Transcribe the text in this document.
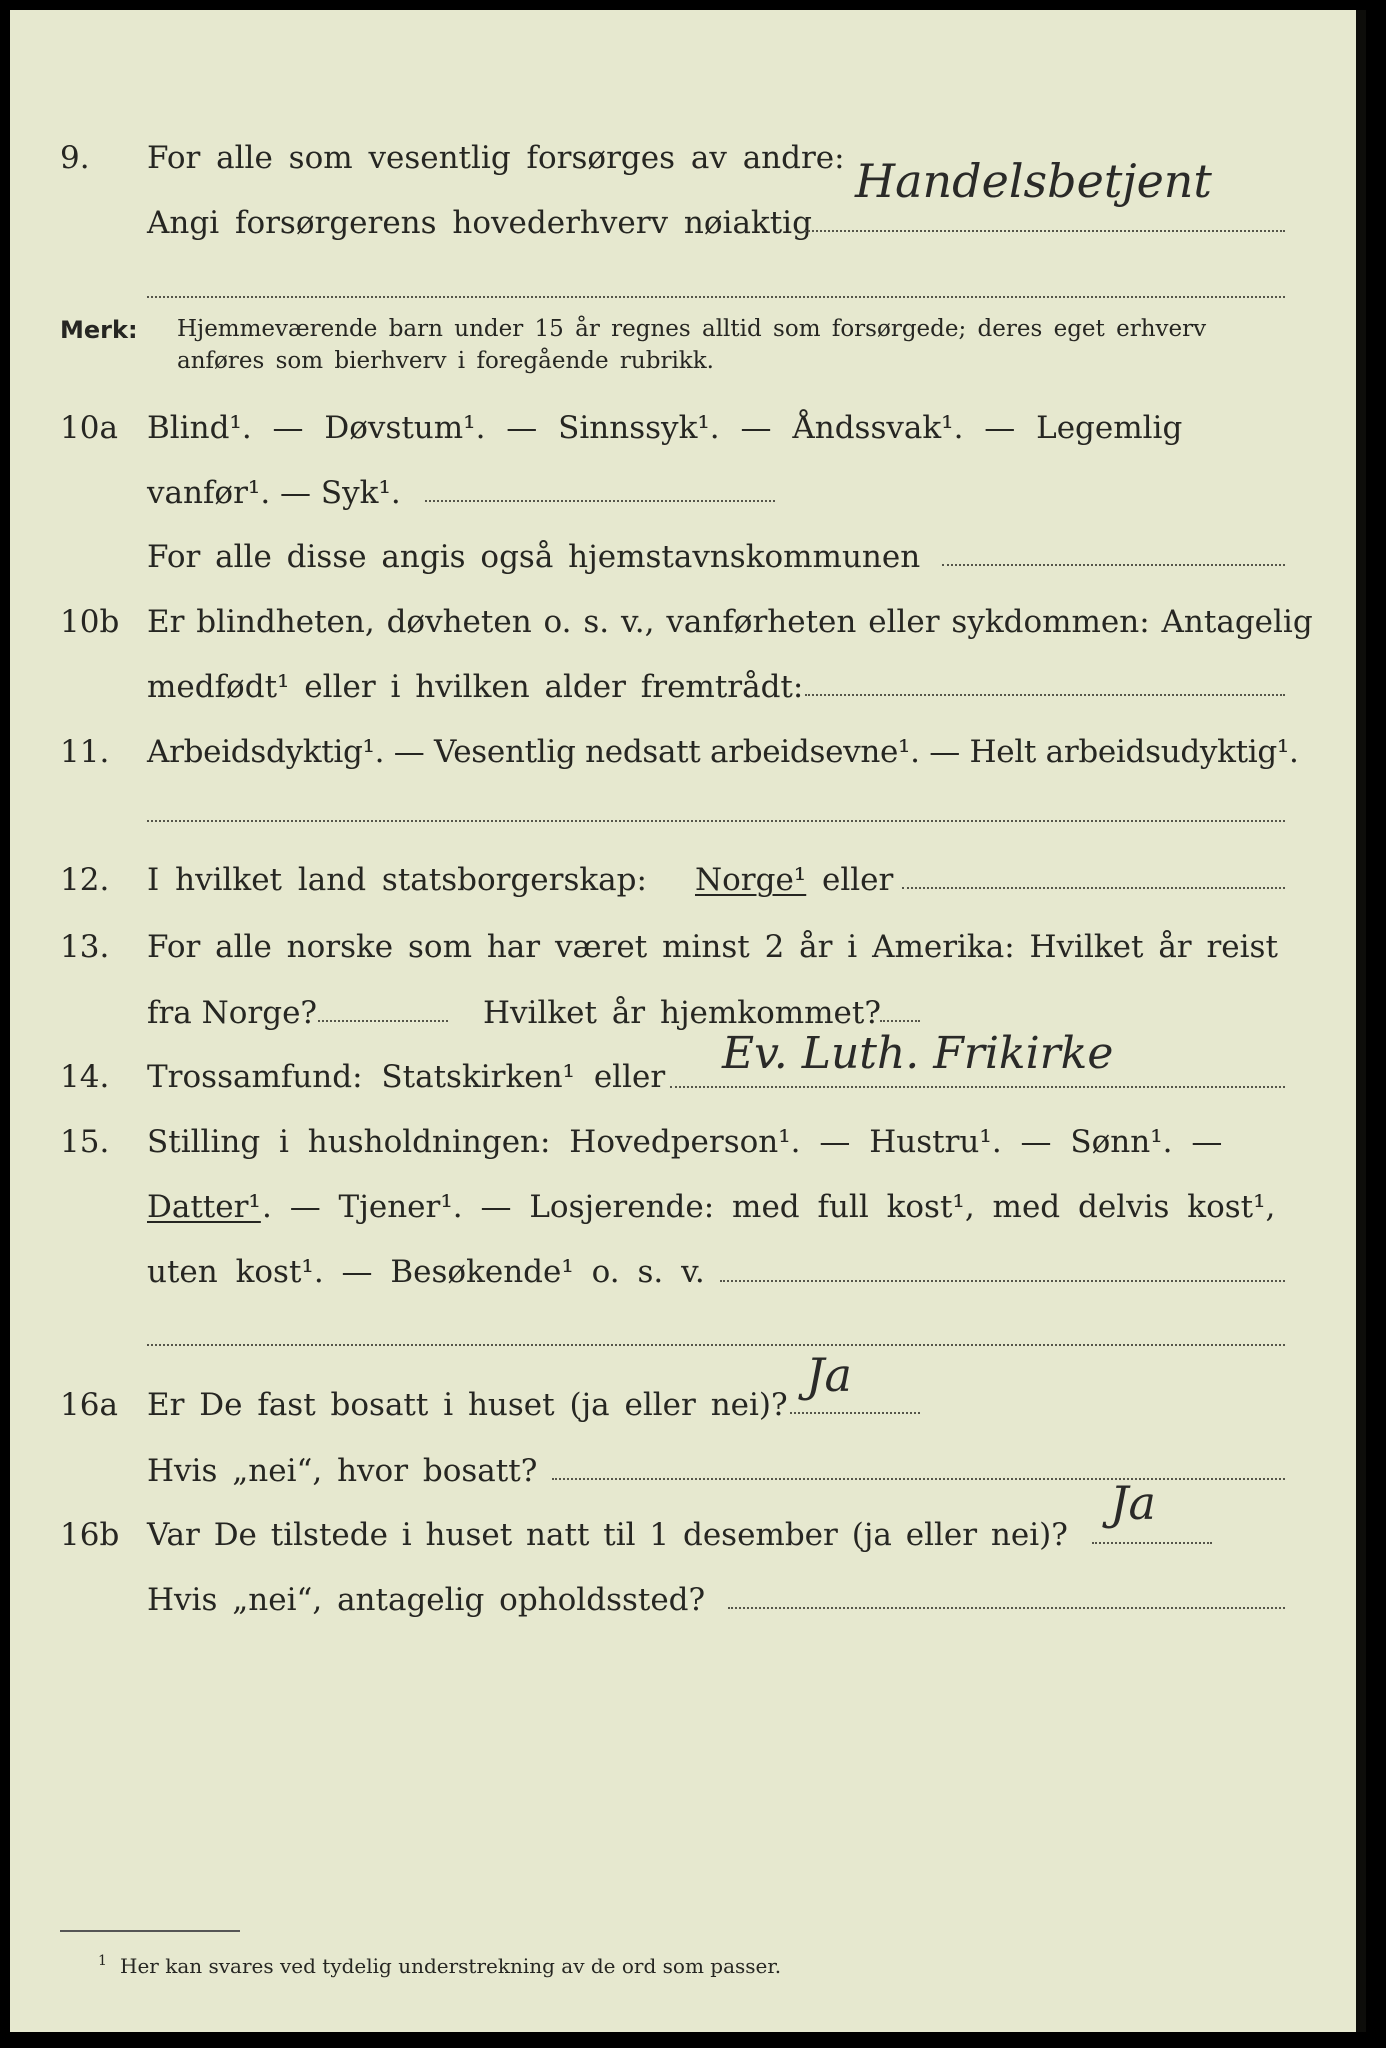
9. For alle som vesentlig forsørges av andre:
Angi forsørgerens hovederhverv nøiaktig
Handelsbetjent
Merk: Hjemmeværende barn under 15 år regnes alltid som forsørgede; deres eget erhverv
anføres som bierhverv i foregående rubrikk.
10a Blind¹. — Døvstum¹. — Sinnssyk¹. — Åndssvak¹. — Legemlig
vanfør¹. — Syk¹.
For alle disse angis også hjemstavnskommunen
10b Er blindheten, døvheten o. s. v., vanførheten eller sykdommen: Antagelig
medfødt¹ eller i hvilken alder fremtrådt:
11. Arbeidsdyktig¹. — Vesentlig nedsatt arbeidsevne¹. — Helt arbeidsudyktig¹.
12. I hvilket land statsborgerskap: Norge¹ eller
13. For alle norske som har været minst 2 år i Amerika: Hvilket år reist
fra Norge?	Hvilket år hjemkommet?
14. Trossamfund: Statskirken¹ eller Ev. Luth. Frikirke
15. Stilling i husholdningen: Hovedperson¹. — Hustru¹. — Sønn¹. —
Datter¹ . — Tjener¹. — Losjerende: med full kost¹, med delvis kost¹,
uten kost¹. — Besøkende¹ o. s. v.
16a Er De fast bosatt i huset (ja eller nei)?
Ja
Hvis „nei“, hvor bosatt?
16b Var De tilstede i huset natt til 1 desember (ja eller nei)?
Ja
Hvis „nei“, antagelig opholdssted?
1 Her kan svares ved tydelig understrekning av de ord som passer.
